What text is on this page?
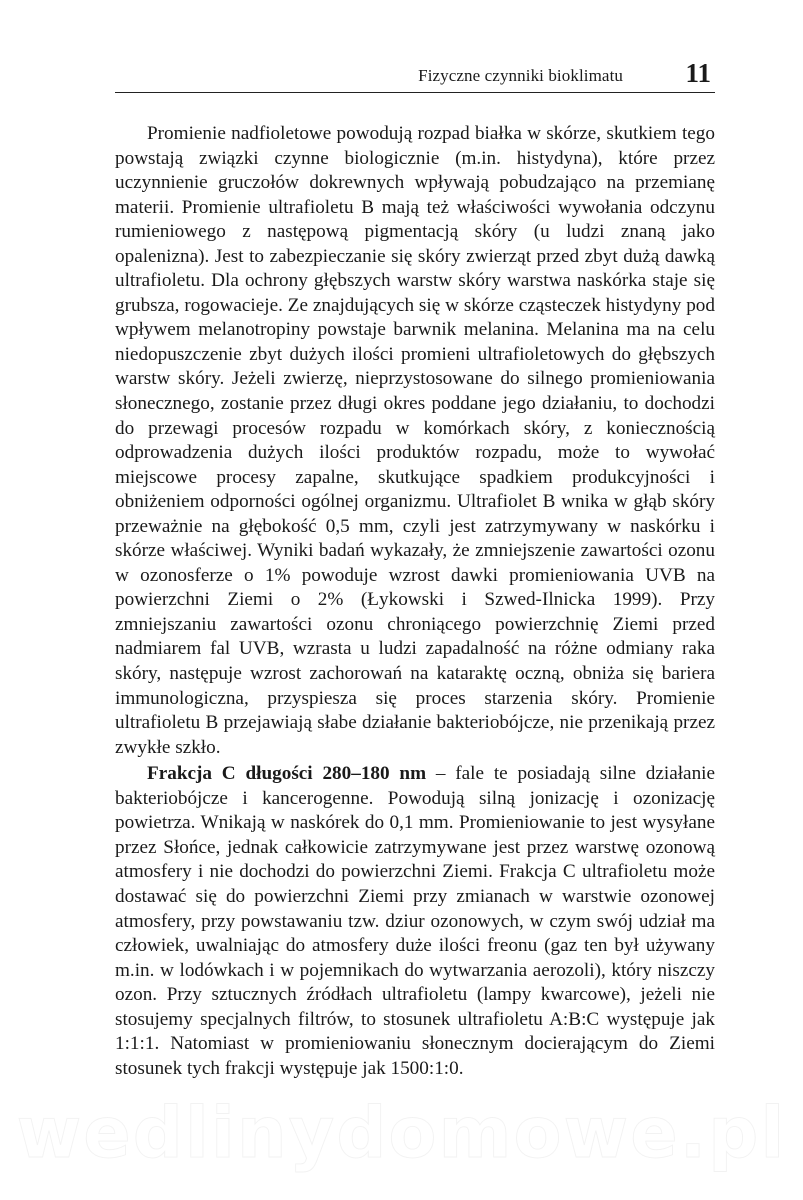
Fizyczne czynniki bioklimatu 11

Promienie nadfioletowe powodują rozpad białka w skórze, skutkiem tego powstają związki czynne biologicznie (m.in. histydyna), które przez uczynnienie gruczołów dokrewnych wpływają pobudzająco na przemianę materii. Promienie ultrafioletu B mają też właściwości wywołania odczynu rumieniowego z następową pigmentacją skóry (u ludzi znaną jako opalenizna). Jest to zabezpieczanie się skóry zwierząt przed zbyt dużą dawką ultrafioletu. Dla ochrony głębszych warstw skóry warstwa naskórka staje się grubsza, rogowacieje. Ze znajdujących się w skórze cząsteczek histydyny pod wpływem melanotropiny powstaje barwnik melanina. Melanina ma na celu niedopuszczenie zbyt dużych ilości promieni ultrafioletowych do głębszych warstw skóry. Jeżeli zwierzę, nieprzystosowane do silnego promieniowania słonecznego, zostanie przez długi okres poddane jego działaniu, to dochodzi do przewagi procesów rozpadu w komórkach skóry, z koniecznością odprowadzenia dużych ilości produktów rozpadu, może to wywołać miejscowe procesy zapalne, skutkujące spadkiem produkcyjności i obniżeniem odporności ogólnej organizmu. Ultrafiolet B wnika w głąb skóry przeważnie na głębokość 0,5 mm, czyli jest zatrzymywany w naskórku i skórze właściwej. Wyniki badań wykazały, że zmniejszenie zawartości ozonu w ozonosferze o 1% powoduje wzrost dawki promieniowania UVB na powierzchni Ziemi o 2% (Łykowski i Szwed-Ilnicka 1999). Przy zmniejszaniu zawartości ozonu chroniącego powierzchnię Ziemi przed nadmiarem fal UVB, wzrasta u ludzi zapadalność na różne odmiany raka skóry, następuje wzrost zachorowań na kataraktę oczną, obniża się bariera immunologiczna, przyspiesza się proces starzenia skóry. Promienie ultrafioletu B przejawiają słabe działanie bakteriobójcze, nie przenikają przez zwykłe szkło.

Frakcja C długości 280–180 nm – fale te posiadają silne działanie bakteriobójcze i kancerogenne. Powodują silną jonizację i ozonizację powietrza. Wnikają w naskórek do 0,1 mm. Promieniowanie to jest wysyłane przez Słońce, jednak całkowicie zatrzymywane jest przez warstwę ozonową atmosfery i nie dochodzi do powierzchni Ziemi. Frakcja C ultrafioletu może dostawać się do powierzchni Ziemi przy zmianach w warstwie ozonowej atmosfery, przy powstawaniu tzw. dziur ozonowych, w czym swój udział ma człowiek, uwalniając do atmosfery duże ilości freonu (gaz ten był używany m.in. w lodówkach i w pojemnikach do wytwarzania aerozoli), który niszczy ozon. Przy sztucznych źródłach ultrafioletu (lampy kwarcowe), jeżeli nie stosujemy specjalnych filtrów, to stosunek ultrafioletu A:B:C występuje jak 1:1:1. Natomiast w promieniowaniu słonecznym docierającym do Ziemi stosunek tych frakcji występuje jak 1500:1:0.

wedlinydomowe.pl
